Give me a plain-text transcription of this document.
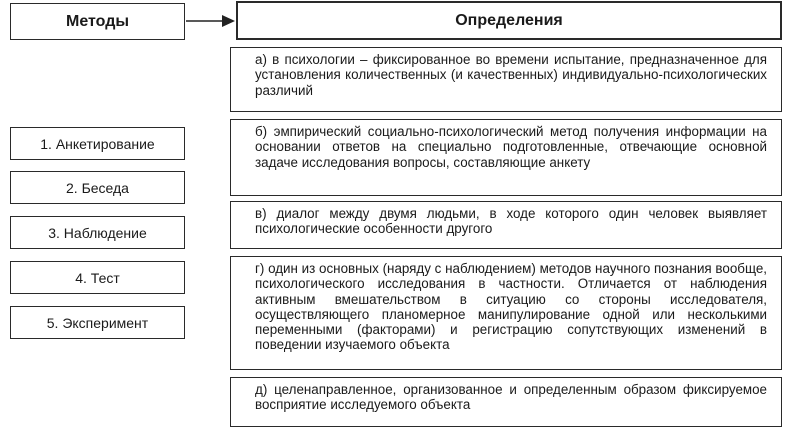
Методы	Определения
1. Анкетирование
2. Беседа
3. Наблюдение
4. Тест
5. Эксперимент
а) в психологии – фиксированное во времени испытание, предназначенное для установления количественных (и качественных) индивидуально-психологических различий
б) эмпирический социально-психологический метод получения информации на основании ответов на специально подготовленные, отвечающие основной задаче исследования вопросы, составляющие анкету
в) диалог между двумя людьми, в ходе которого один человек выявляет психологические особенности другого
г) один из основных (наряду с наблюдением) методов научного познания вообще, психологического исследования в частности. Отличается от наблюдения активным вмешательством в ситуацию со стороны исследователя, осуществляющего планомерное манипулирование одной или несколькими переменными (факторами) и регистрацию сопутствующих изменений в поведении изучаемого объекта
д) целенаправленное, организованное и определенным образом фиксируемое восприятие исследуемого объекта
